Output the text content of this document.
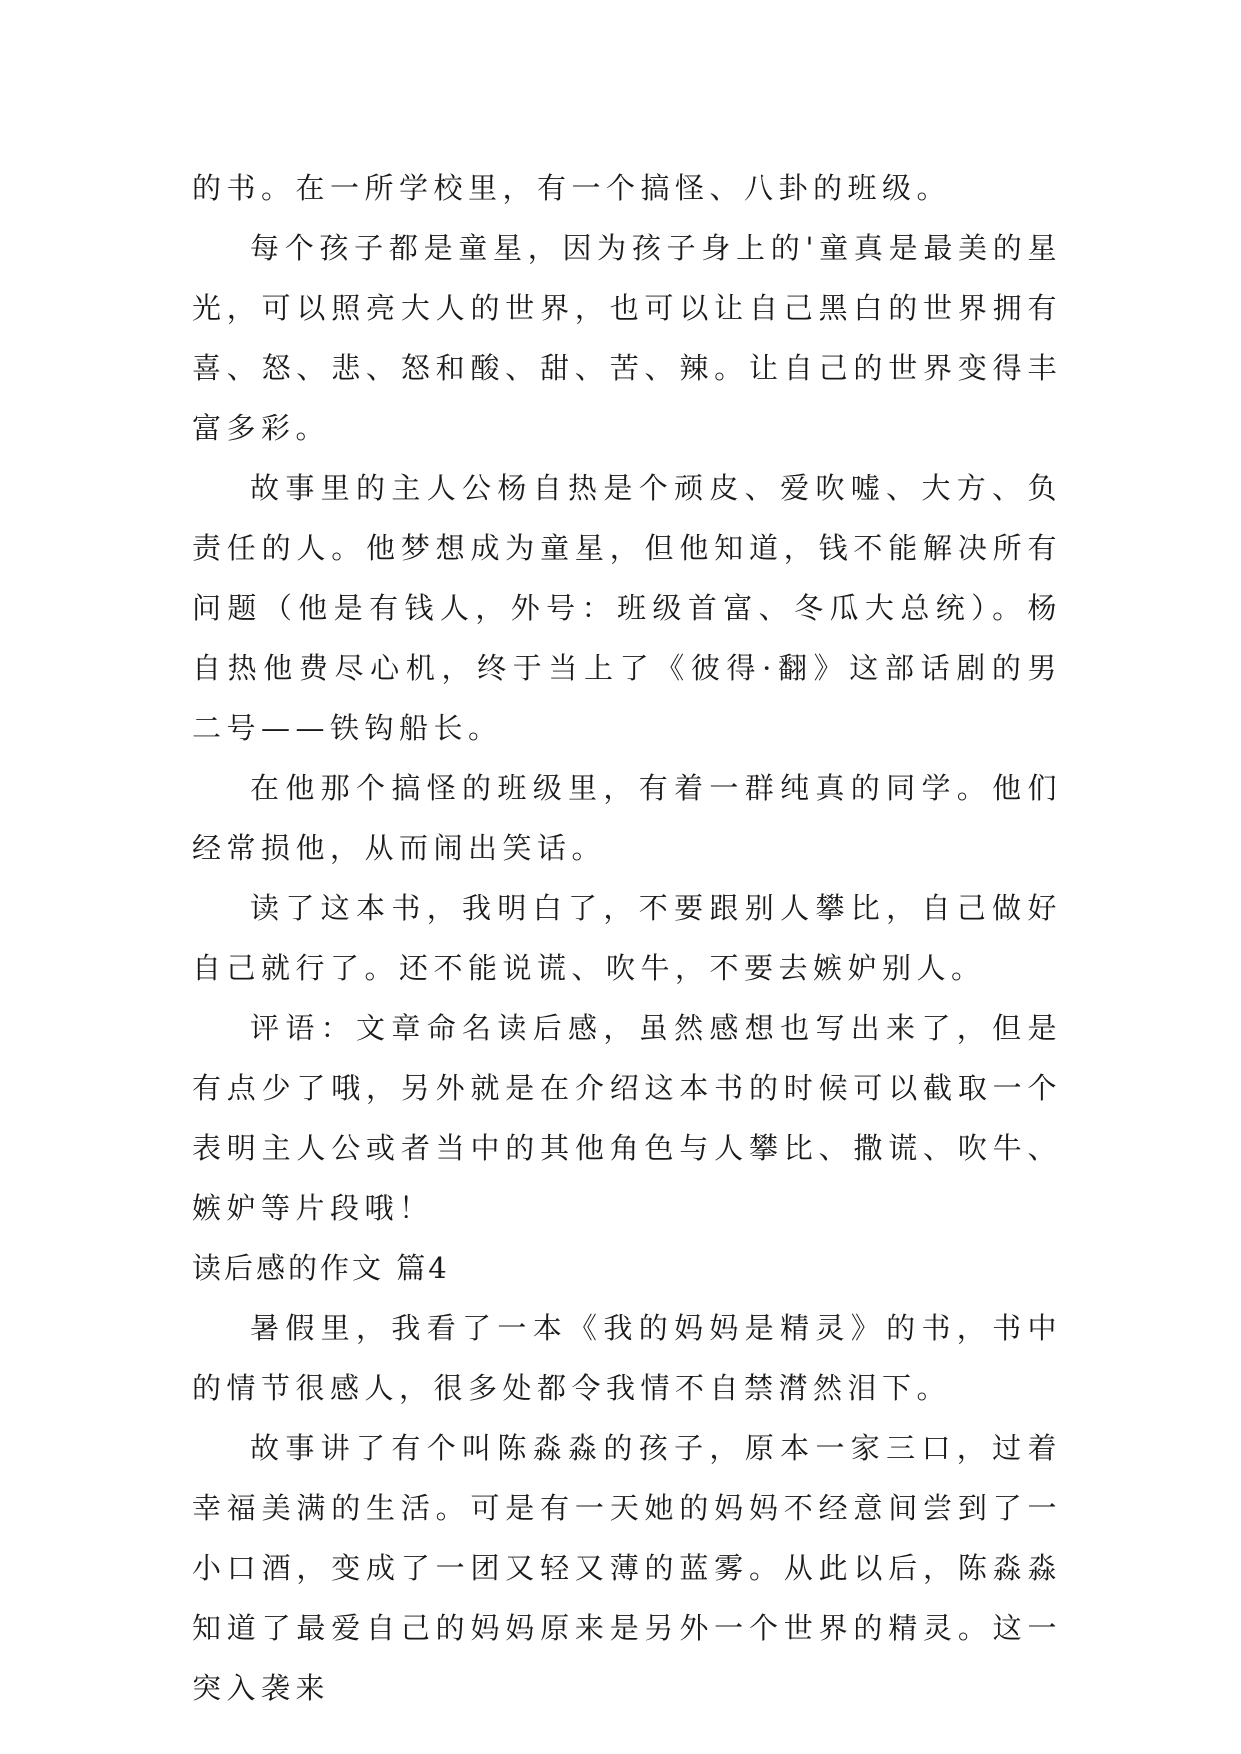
的书。在一所学校里，有一个搞怪、八卦的班级。

每个孩子都是童星，因为孩子身上的'童真是最美的星光，可以照亮大人的世界，也可以让自己黑白的世界拥有喜、怒、悲、怒和酸、甜、苦、辣。让自己的世界变得丰富多彩。

故事里的主人公杨自热是个顽皮、爱吹嘘、大方、负责任的人。他梦想成为童星，但他知道，钱不能解决所有问题（他是有钱人，外号：班级首富、冬瓜大总统）。杨自热他费尽心机，终于当上了《彼得·翻》这部话剧的男二号——铁钩船长。

在他那个搞怪的班级里，有着一群纯真的同学。他们经常损他，从而闹出笑话。

读了这本书，我明白了，不要跟别人攀比，自己做好自己就行了。还不能说谎、吹牛，不要去嫉妒别人。

评语：文章命名读后感，虽然感想也写出来了，但是有点少了哦，另外就是在介绍这本书的时候可以截取一个表明主人公或者当中的其他角色与人攀比、撒谎、吹牛、嫉妒等片段哦！

读后感的作文 篇4

暑假里，我看了一本《我的妈妈是精灵》的书，书中的情节很感人，很多处都令我情不自禁潸然泪下。

故事讲了有个叫陈淼淼的孩子，原本一家三口，过着幸福美满的生活。可是有一天她的妈妈不经意间尝到了一小口酒，变成了一团又轻又薄的蓝雾。从此以后，陈淼淼知道了最爱自己的妈妈原来是另外一个世界的精灵。这一突入袭来
